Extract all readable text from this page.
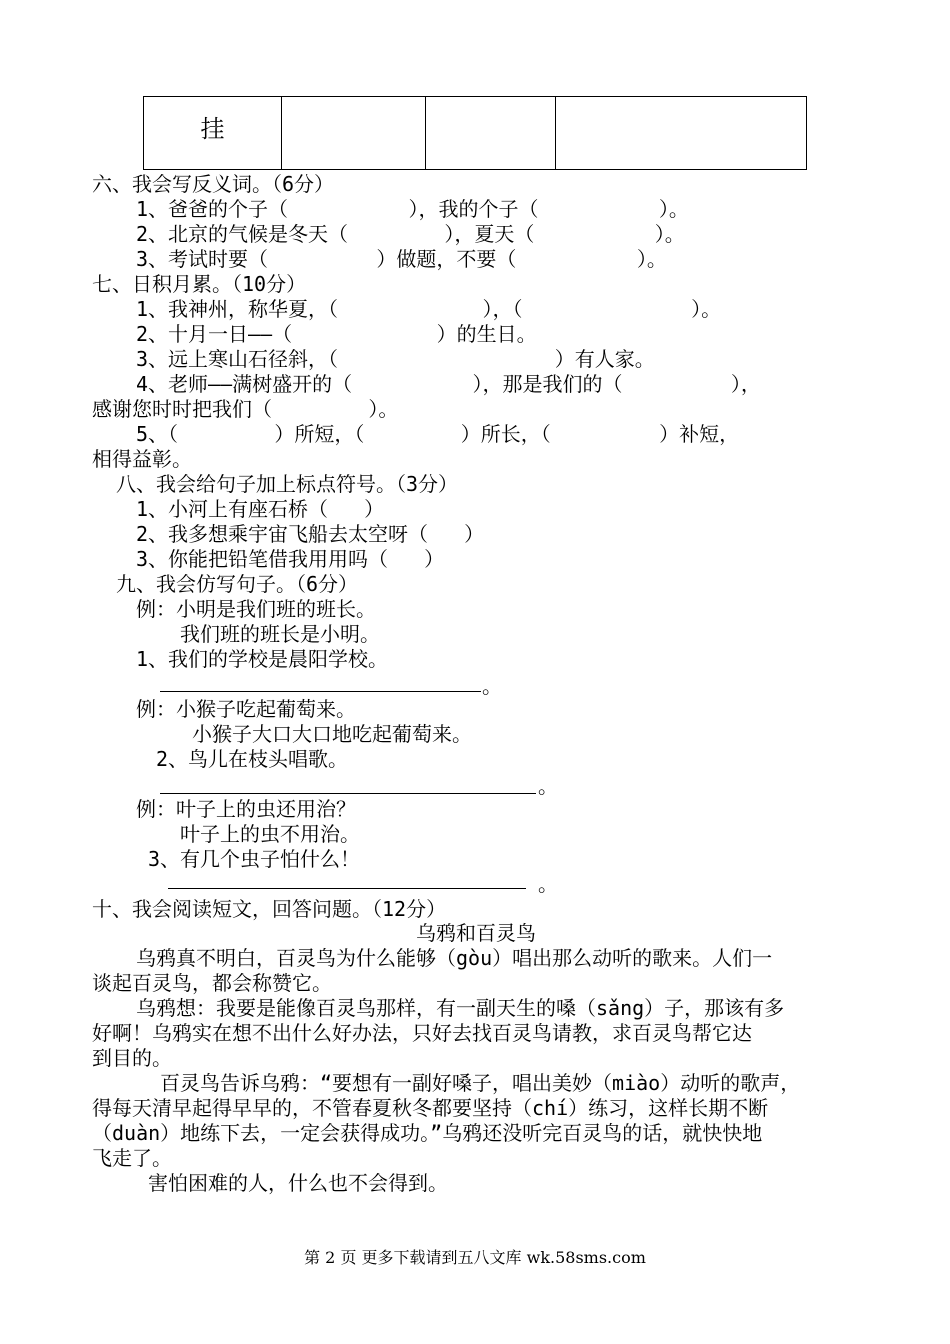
挂

六、我会写反义词。（6分）
1、爸爸的个子（          ），我的个子（          ）。
2、北京的气候是冬天（        ），夏天（          ）。
3、考试时要（         ）做题，不要（          ）。
七、日积月累。（10分）
1、我神州，称华夏，（            ），（              ）。
2、十月一日——（            ）的生日。
3、远上寒山石径斜，（                  ）有人家。
4、老师——满树盛开的（          ），那是我们的（         ），
感谢您时时把我们（        ）。
5、（        ）所短，（        ）所长，（         ）补短，
相得益彰。
八、我会给句子加上标点符号。（3分）
1、小河上有座石桥（   ）
2、我多想乘宇宙飞船去太空呀（   ）
3、你能把铅笔借我用用吗（   ）
九、我会仿写句子。（6分）
例：小明是我们班的班长。
我们班的班长是小明。
1、我们的学校是晨阳学校。
。
例：小猴子吃起葡萄来。
小猴子大口大口地吃起葡萄来。
2、鸟儿在枝头唱歌。
。
例：叶子上的虫还用治？
叶子上的虫不用治。
3、有几个虫子怕什么！
。
十、我会阅读短文，回答问题。（12分）
乌鸦和百灵鸟
乌鸦真不明白，百灵鸟为什么能够（gòu）唱出那么动听的歌来。人们一
谈起百灵鸟，都会称赞它。
乌鸦想：我要是能像百灵鸟那样，有一副天生的嗓（sǎng）子，那该有多
好啊！乌鸦实在想不出什么好办法，只好去找百灵鸟请教，求百灵鸟帮它达
到目的。
百灵鸟告诉乌鸦：“要想有一副好嗓子，唱出美妙（miào）动听的歌声，
得每天清早起得早早的，不管春夏秋冬都要坚持（chí）练习，这样长期不断
（duàn）地练下去，一定会获得成功。”乌鸦还没听完百灵鸟的话，就快快地
飞走了。
害怕困难的人，什么也不会得到。
第 2 页 更多下载请到五八文库 wk.58sms.com
